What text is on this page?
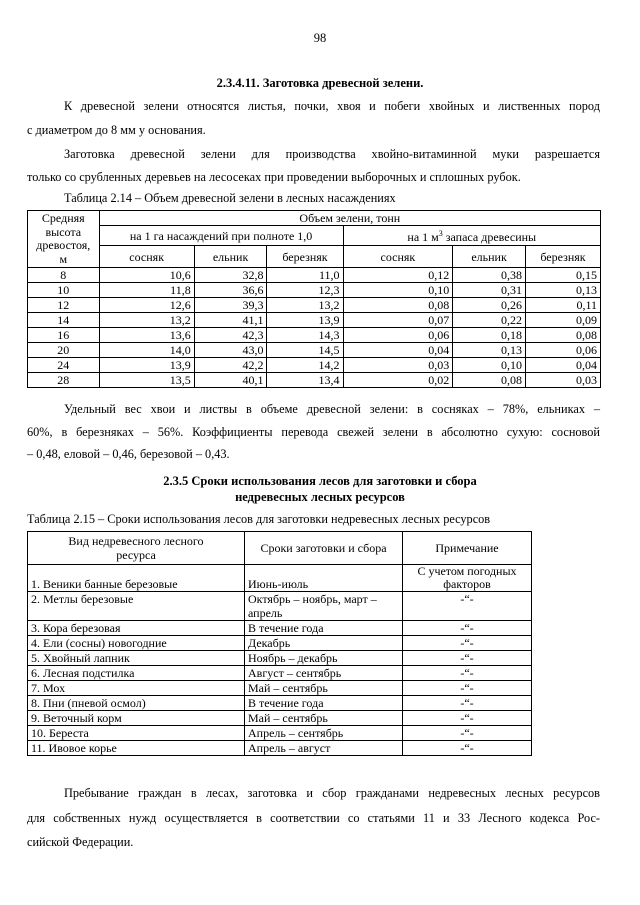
98
2.3.4.11. Заготовка древесной зелени.
К древесной зелени относятся листья, почки, хвоя и побеги хвойных и лиственных пород
с диаметром до 8 мм у основания.
Заготовка древесной зелени для производства хвойно-витаминной муки разрешается
только со срубленных деревьев на лесосеках при проведении выборочных и сплошных рубок.
Таблица 2.14 – Объем древесной зелени в лесных насаждениях
Средняя
высота
древостоя,
м	Объем зелени, тонн					
	на 1 га насаждений при полноте 1,0			на 1 $м^3$ запаса древесины		
	сосняк	ельник	березняк	сосняк	ельник	березняк
8	10,6	32,8	11,0	0,12	0,38	0,15
10	11,8	36,6	12,3	0,10	0,31	0,13
12	12,6	39,3	13,2	0,08	0,26	0,11
14	13,2	41,1	13,9	0,07	0,22	0,09
16	13,6	42,3	14,3	0,06	0,18	0,08
20	14,0	43,0	14,5	0,04	0,13	0,06
24	13,9	42,2	14,2	0,03	0,10	0,04
28	13,5	40,1	13,4	0,02	0,08	0,03
Удельный вес хвои и листвы в объеме древесной зелени: в сосняках – 78%, ельниках –
60%, в березняках – 56%. Коэффициенты перевода свежей зелени в абсолютно сухую: сосновой
– 0,48, еловой – 0,46, березовой – 0,43.
2.3.5 Сроки использования лесов для заготовки и сбора
недревесных лесных ресурсов
Таблица 2.15 – Сроки использования лесов для заготовки недревесных лесных ресурсов
Вид недревесного лесного
ресурса	Сроки заготовки и сбора	Примечание
1. Веники банные березовые	Июнь-июль	С учетом погодных факторов
2. Метлы березовые	Октябрь – ноябрь, март – апрель	-“-
3. Кора березовая	В течение года	-“-
4. Ели (сосны) новогодние	Декабрь	-“-
5. Хвойный лапник	Ноябрь – декабрь	-“-
6. Лесная подстилка	Август – сентябрь	-“-
7. Мох	Май – сентябрь	-“-
8. Пни (пневой осмол)	В течение года	-“-
9. Веточный корм	Май – сентябрь	-“-
10. Береста	Апрель – сентябрь	-“-
11. Ивовое корье	Апрель – август	-“-
Пребывание граждан в лесах, заготовка и сбор гражданами недревесных лесных ресурсов
для собственных нужд осуществляется в соответствии со статьями 11 и 33 Лесного кодекса Рос-
сийской Федерации.
